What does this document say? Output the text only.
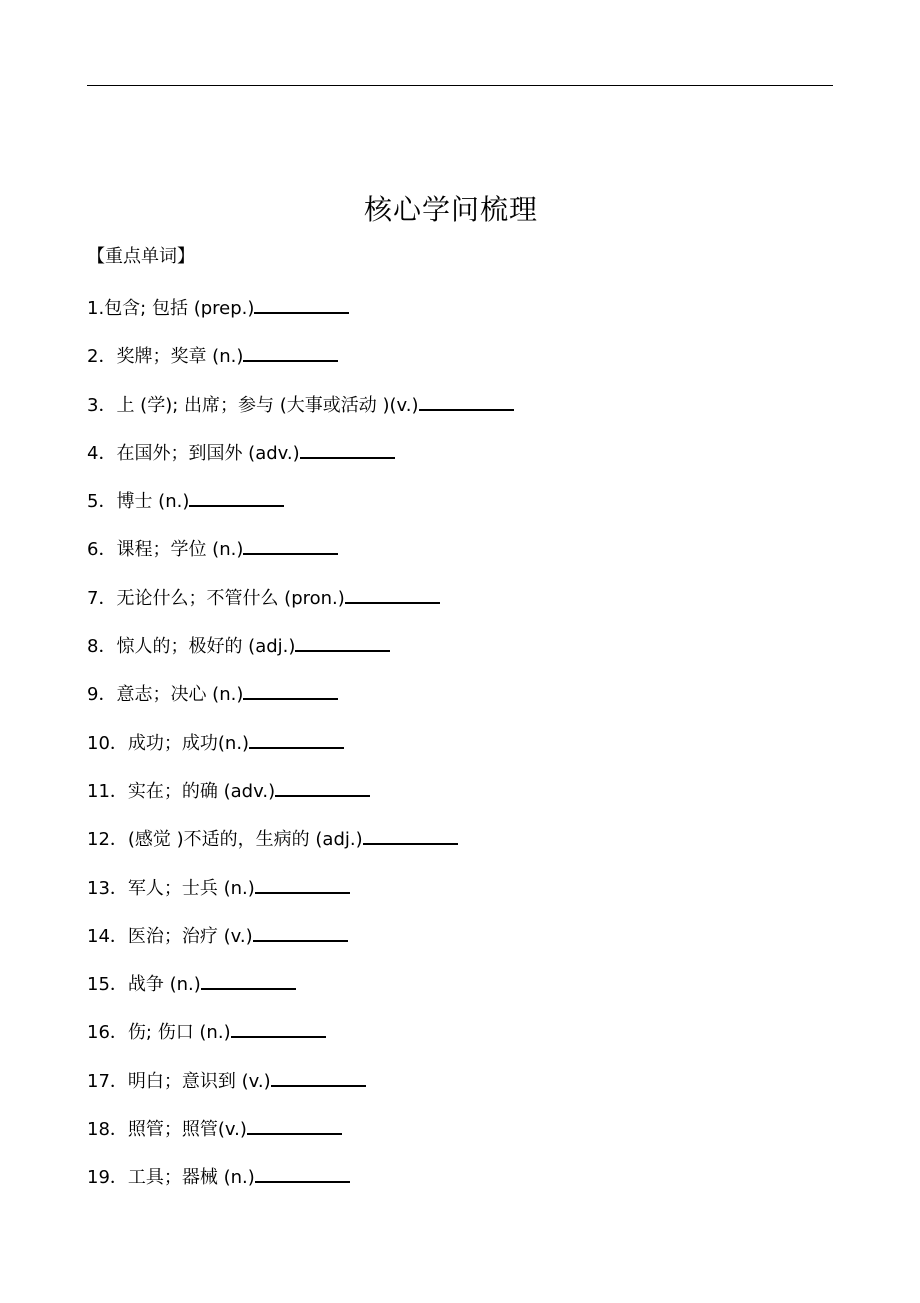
核心学问梳理
【重点单词】
1.包含; 包括 (prep.)
2．奖牌；奖章 (n.)
3．上 (学); 出席；参与 (大事或活动 )(v.)
4．在国外；到国外 (adv.)
5．博士 (n.)
6．课程；学位 (n.)
7．无论什么；不管什么 (pron.)
8．惊人的；极好的 (adj.)
9．意志；决心 (n.)
10．成功；成功(n.)
11．实在；的确 (adv.)
12．(感觉 )不适的，生病的 (adj.)
13．军人；士兵 (n.)
14．医治；治疗 (v.)
15．战争 (n.)
16．伤; 伤口 (n.)
17．明白；意识到 (v.)
18．照管；照管(v.)
19．工具；器械 (n.)
